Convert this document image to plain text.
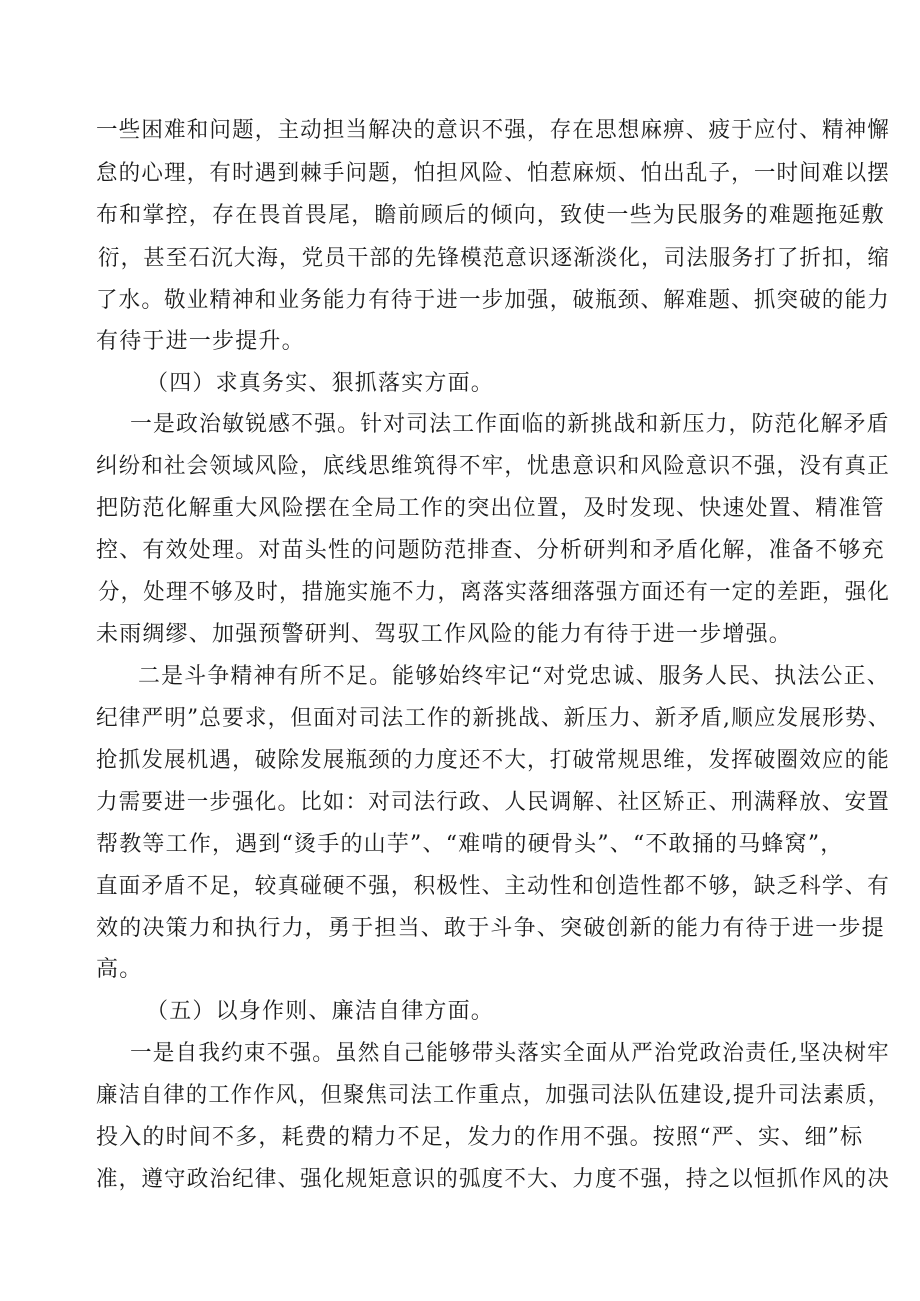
一些困难和问题，主动担当解决的意识不强，存在思想麻痹、疲于应付、精神懈
怠的心理，有时遇到棘手问题，怕担风险、怕惹麻烦、怕出乱子，一时间难以摆
布和掌控，存在畏首畏尾，瞻前顾后的倾向，致使一些为民服务的难题拖延敷
衍，甚至石沉大海，党员干部的先锋模范意识逐渐淡化，司法服务打了折扣，缩
了水。敬业精神和业务能力有待于进一步加强，破瓶颈、解难题、抓突破的能力
有待于进一步提升。
（四）求真务实、狠抓落实方面。
一是政治敏锐感不强。针对司法工作面临的新挑战和新压力，防范化解矛盾
纠纷和社会领域风险，底线思维筑得不牢，忧患意识和风险意识不强，没有真正
把防范化解重大风险摆在全局工作的突出位置，及时发现、快速处置、精准管
控、有效处理。对苗头性的问题防范排查、分析研判和矛盾化解，准备不够充
分，处理不够及时，措施实施不力，离落实落细落强方面还有一定的差距，强化
未雨绸缪、加强预警研判、驾驭工作风险的能力有待于进一步增强。
二是斗争精神有所不足。能够始终牢记“对党忠诚、服务人民、执法公正、
纪律严明”总要求，但面对司法工作的新挑战、新压力、新矛盾,顺应发展形势、
抢抓发展机遇，破除发展瓶颈的力度还不大，打破常规思维，发挥破圈效应的能
力需要进一步强化。比如：对司法行政、人民调解、社区矫正、刑满释放、安置
帮教等工作，遇到“烫手的山芋”、“难啃的硬骨头”、“不敢捅的马蜂窝”，
直面矛盾不足，较真碰硬不强，积极性、主动性和创造性都不够，缺乏科学、有
效的决策力和执行力，勇于担当、敢于斗争、突破创新的能力有待于进一步提
高。
（五）以身作则、廉洁自律方面。
一是自我约束不强。虽然自己能够带头落实全面从严治党政治责任,坚决树牢
廉洁自律的工作作风，但聚焦司法工作重点，加强司法队伍建设,提升司法素质，
投入的时间不多，耗费的精力不足，发力的作用不强。按照“严、实、细”标
准，遵守政治纪律、强化规矩意识的弧度不大、力度不强，持之以恒抓作风的决
